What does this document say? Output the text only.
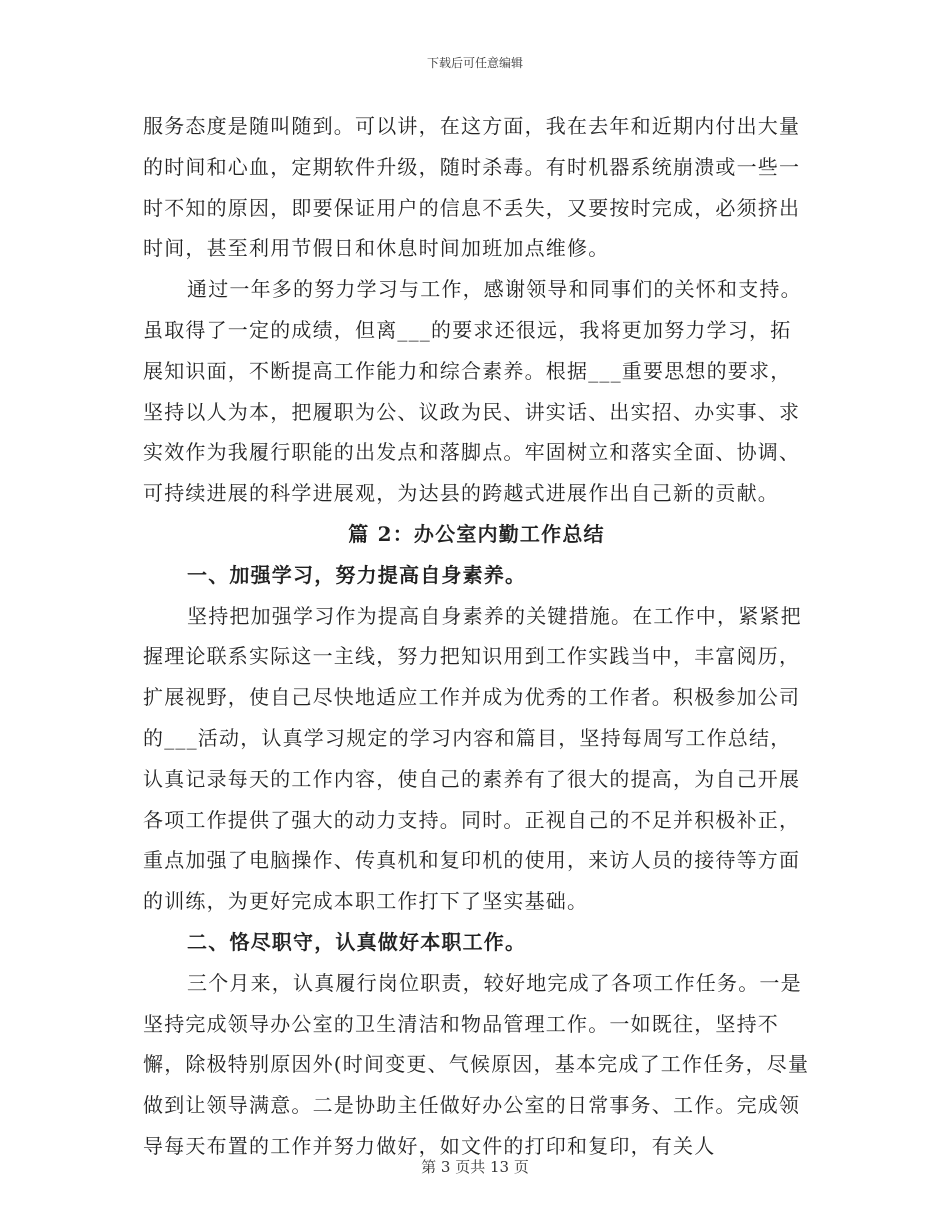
下载后可任意编辑

服务态度是随叫随到。可以讲，在这方面，我在去年和近期内付出大量的时间和心血，定期软件升级，随时杀毒。有时机器系统崩溃或一些一时不知的原因，即要保证用户的信息不丢失，又要按时完成，必须挤出时间，甚至利用节假日和休息时间加班加点维修。

通过一年多的努力学习与工作，感谢领导和同事们的关怀和支持。虽取得了一定的成绩，但离___的要求还很远，我将更加努力学习，拓展知识面，不断提高工作能力和综合素养。根据___重要思想的要求，坚持以人为本，把履职为公、议政为民、讲实话、出实招、办实事、求实效作为我履行职能的出发点和落脚点。牢固树立和落实全面、协调、可持续进展的科学进展观，为达县的跨越式进展作出自己新的贡献。

篇 2：办公室内勤工作总结

一、加强学习，努力提高自身素养。

坚持把加强学习作为提高自身素养的关键措施。在工作中，紧紧把握理论联系实际这一主线，努力把知识用到工作实践当中，丰富阅历，扩展视野，使自己尽快地适应工作并成为优秀的工作者。积极参加公司的___活动，认真学习规定的学习内容和篇目，坚持每周写工作总结，认真记录每天的工作内容，使自己的素养有了很大的提高，为自己开展各项工作提供了强大的动力支持。同时。正视自己的不足并积极补正，重点加强了电脑操作、传真机和复印机的使用，来访人员的接待等方面的训练，为更好完成本职工作打下了坚实基础。

二、恪尽职守，认真做好本职工作。

三个月来，认真履行岗位职责，较好地完成了各项工作任务。一是坚持完成领导办公室的卫生清洁和物品管理工作。一如既往，坚持不懈，除极特别原因外(时间变更、气候原因，基本完成了工作任务，尽量做到让领导满意。二是协助主任做好办公室的日常事务、工作。完成领导每天布置的工作并努力做好，如文件的打印和复印，有关人

第 3 页共 13 页
